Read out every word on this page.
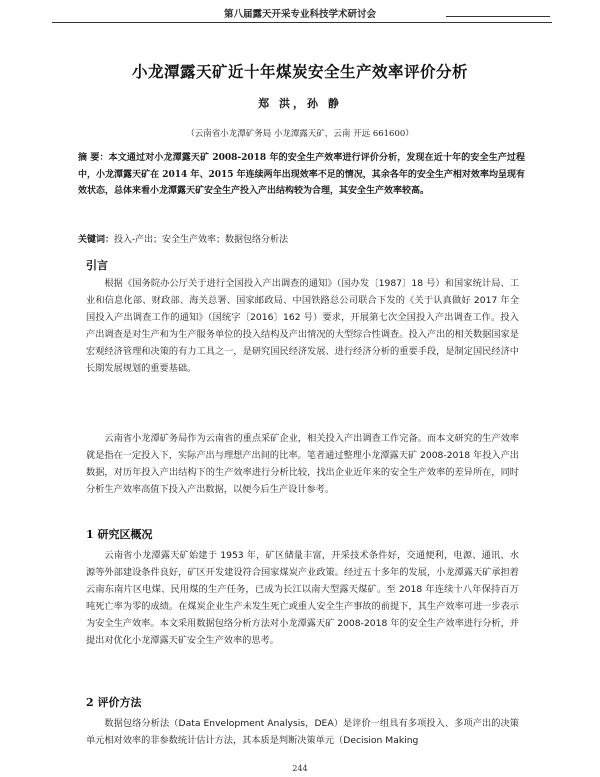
第八届露天开采专业科技学术研讨会
小龙潭露天矿近十年煤炭安全生产效率评价分析
郑 洪，孙 静
（云南省小龙潭矿务局 小龙潭露天矿，云南 开远 661600）
摘 要：本文通过对小龙潭露天矿 2008-2018 年的安全生产效率进行评价分析，发现在近十年的安全生产过程中，小龙潭露天矿在 2014 年、2015 年连续两年出现效率不足的情况，其余各年的安全生产相对效率均呈现有效状态，总体来看小龙潭露天矿安全生产投入产出结构较为合理，其安全生产效率较高。
关键词：投入-产出；安全生产效率；数据包络分析法
引言
根据《国务院办公厅关于进行全国投入产出调查的通知》（国办发〔1987〕18 号）和国家统计局、工业和信息化部、财政部、海关总署、国家邮政局、中国铁路总公司联合下发的《关于认真做好 2017 年全国投入产出调查工作的通知》（国统字〔2016〕162 号）要求，开展第七次全国投入产出调查工作。投入产出调查是对生产和为生产服务单位的投入结构及产出情况的大型综合性调查。投入产出的相关数据国家是宏观经济管理和决策的有力工具之一，是研究国民经济发展、进行经济分析的重要手段，是制定国民经济中长期发展规划的重要基础。
云南省小龙潭矿务局作为云南省的重点采矿企业，相关投入产出调查工作完备。而本文研究的生产效率就是指在一定投入下，实际产出与理想产出间的比率。笔者通过整理小龙潭露天矿 2008-2018 年投入产出数据，对历年投入产出结构下的生产效率进行分析比较，找出企业近年来的安全生产效率的差异所在，同时分析生产效率高值下投入产出数据，以便今后生产设计参考。
1 研究区概况
云南省小龙潭露天矿始建于 1953 年，矿区储量丰富，开采技术条件好，交通便利，电源、通讯、水源等外部建设条件良好，矿区开发建设符合国家煤炭产业政策。经过五十多年的发展，小龙潭露天矿承担着云南东南片区电煤、民用煤的生产任务，已成为长江以南大型露天煤矿。至 2018 年连续十八年保持百万吨死亡率为零的成绩。在煤炭企业生产未发生死亡或重人安全生产事故的前提下，其生产效率可进一步表示为安全生产效率。本文采用数据包络分析方法对小龙潭露天矿 2008-2018 年的安全生产效率进行分析，并提出对优化小龙潭露天矿安全生产效率的思考。
2 评价方法
数据包络分析法（Data Envelopment Analysis，DEA）是评价一组具有多项投入、多项产出的决策单元相对效率的非参数统计估计方法，其本质是判断决策单元（Decision Making
244
